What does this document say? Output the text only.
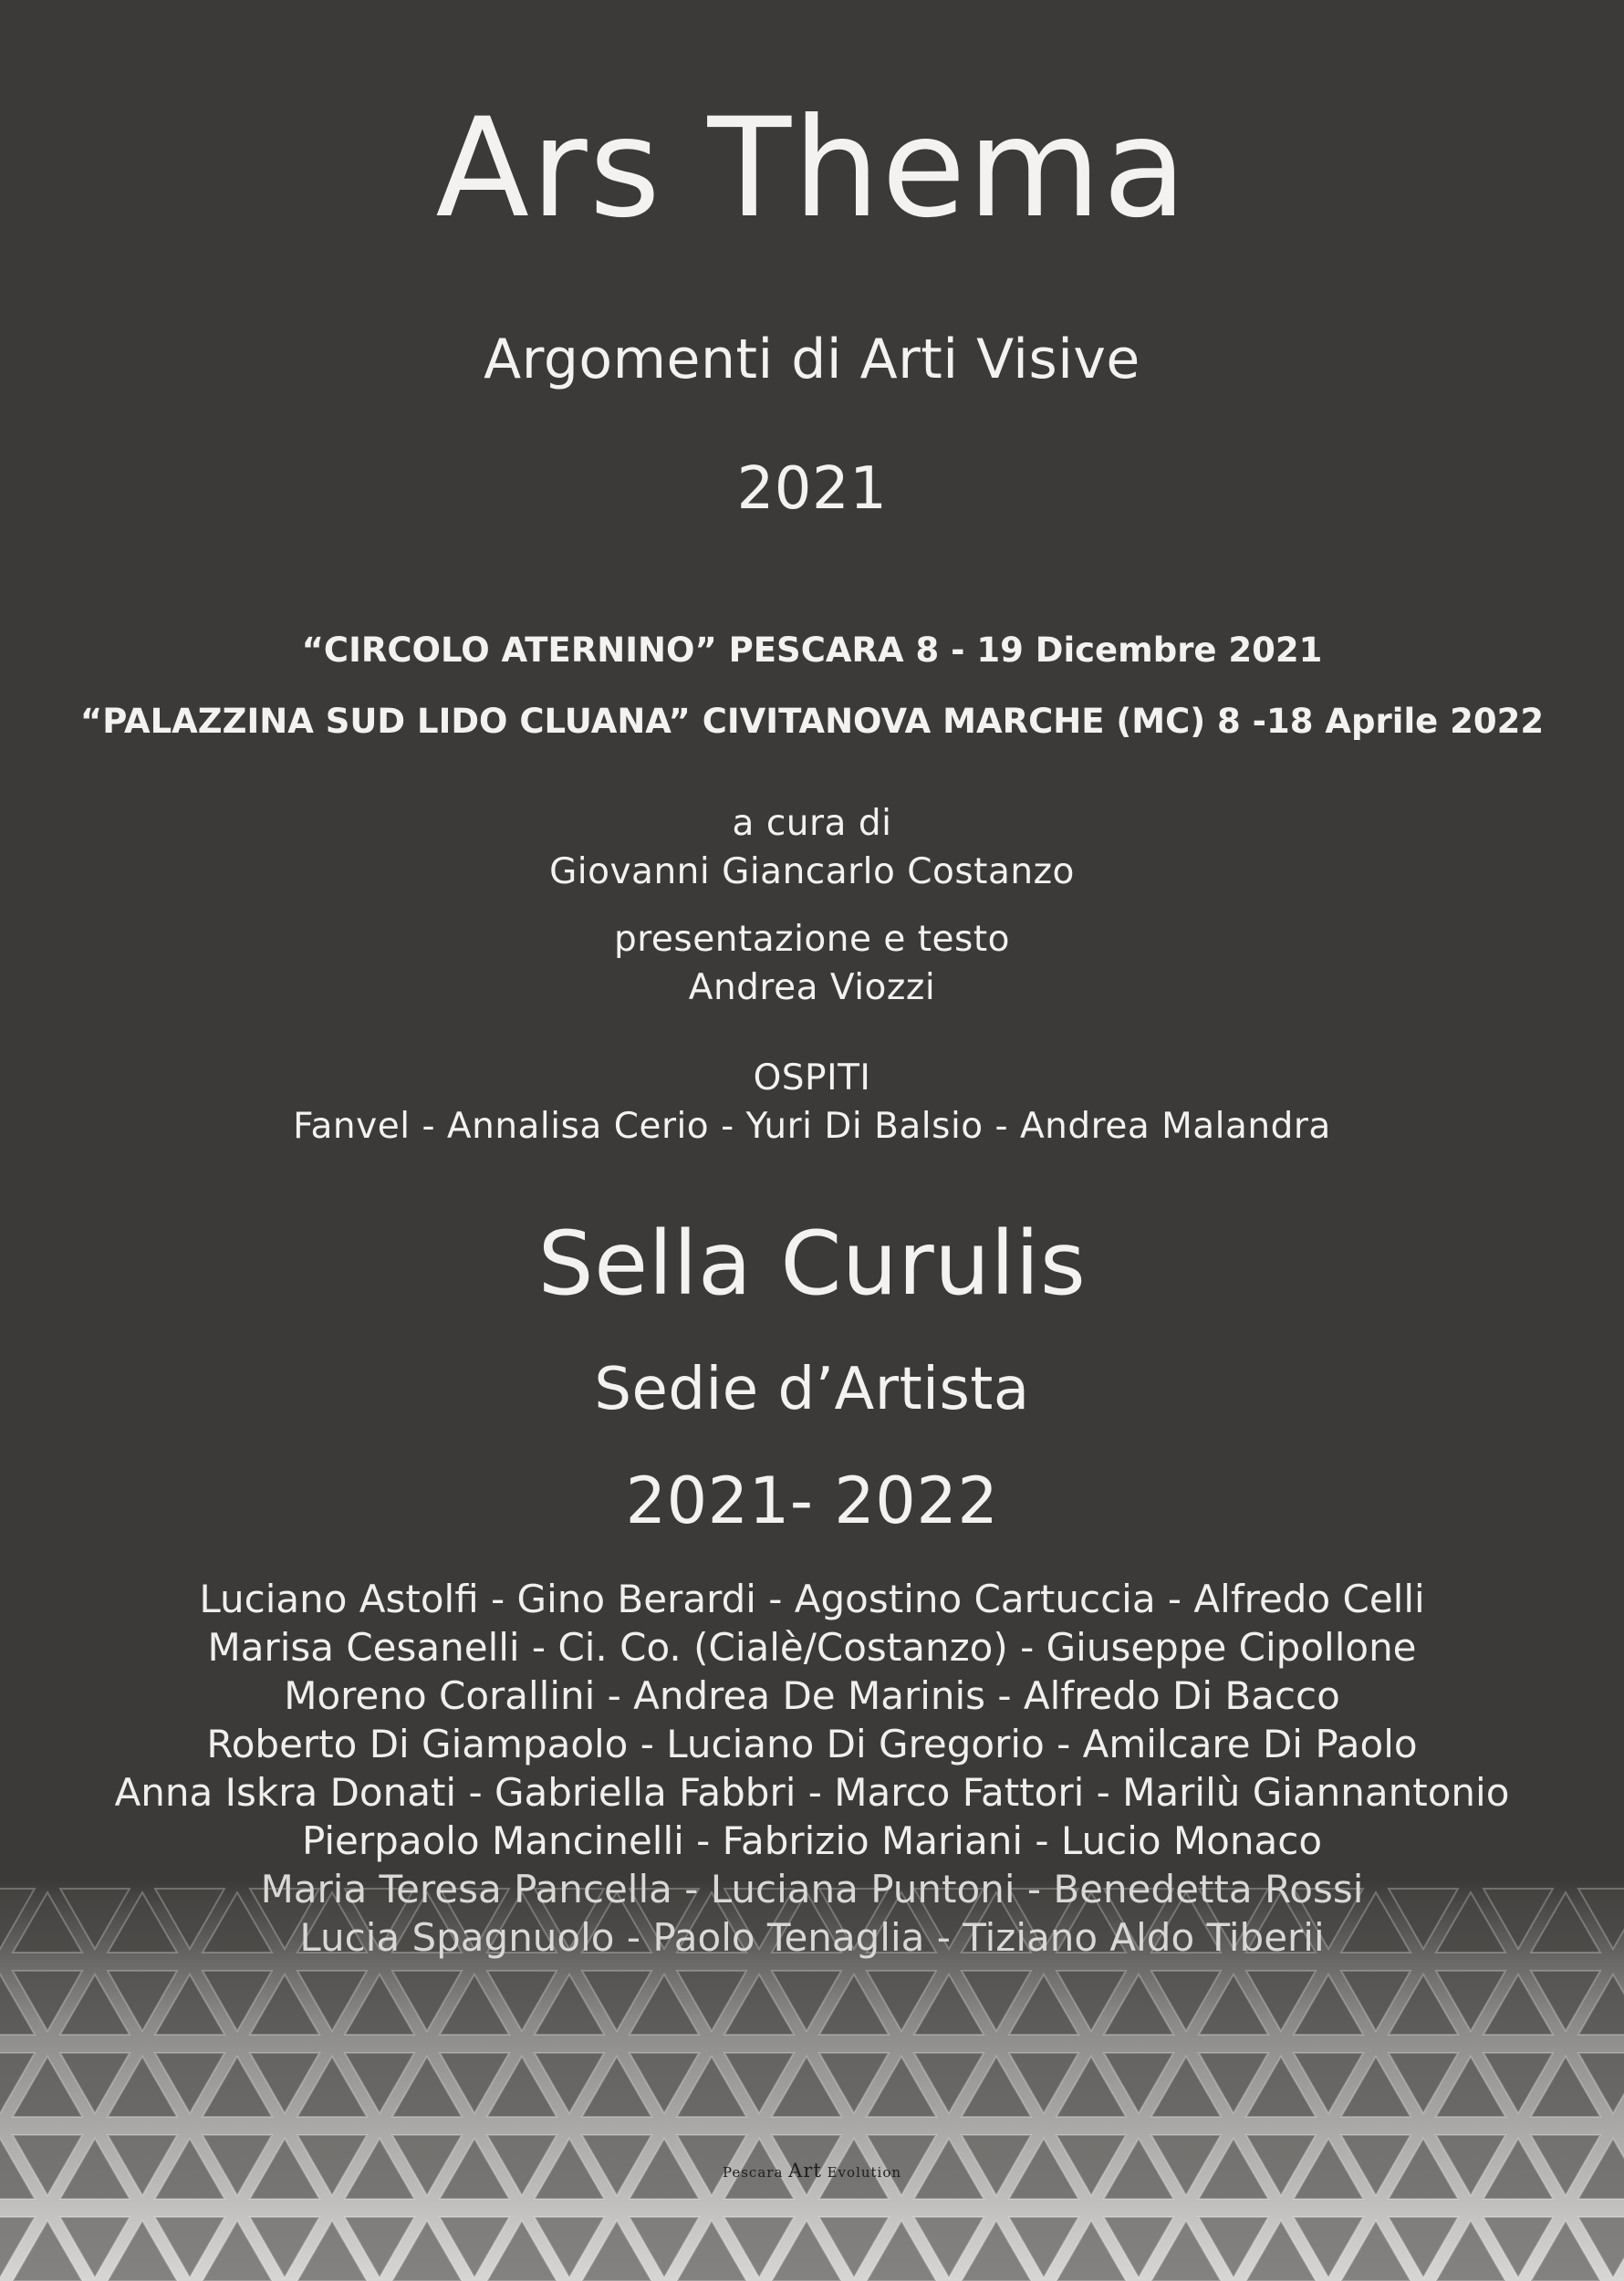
Ars Thema
Argomenti di Arti Visive
2021
“CIRCOLO ATERNINO” PESCARA 8 - 19 Dicembre 2021
“PALAZZINA SUD LIDO CLUANA” CIVITANOVA MARCHE (MC) 8 -18 Aprile 2022
a cura di
Giovanni Giancarlo Costanzo
presentazione e testo
Andrea Viozzi
OSPITI
Fanvel - Annalisa Cerio - Yuri Di Balsio - Andrea Malandra
Sella Curulis
Sedie d’Artista
2021- 2022
Luciano Astolfi - Gino Berardi - Agostino Cartuccia - Alfredo Celli
Marisa Cesanelli - Ci. Co. (Cialè/Costanzo) - Giuseppe Cipollone
Moreno Corallini - Andrea De Marinis - Alfredo Di Bacco
Roberto Di Giampaolo - Luciano Di Gregorio - Amilcare Di Paolo
Anna Iskra Donati - Gabriella Fabbri - Marco Fattori - Marilù Giannantonio
Pierpaolo Mancinelli - Fabrizio Mariani - Lucio Monaco
Maria Teresa Pancella - Luciana Puntoni - Benedetta Rossi
Lucia Spagnuolo - Paolo Tenaglia - Tiziano Aldo Tiberii
Pescara Art Evolution
